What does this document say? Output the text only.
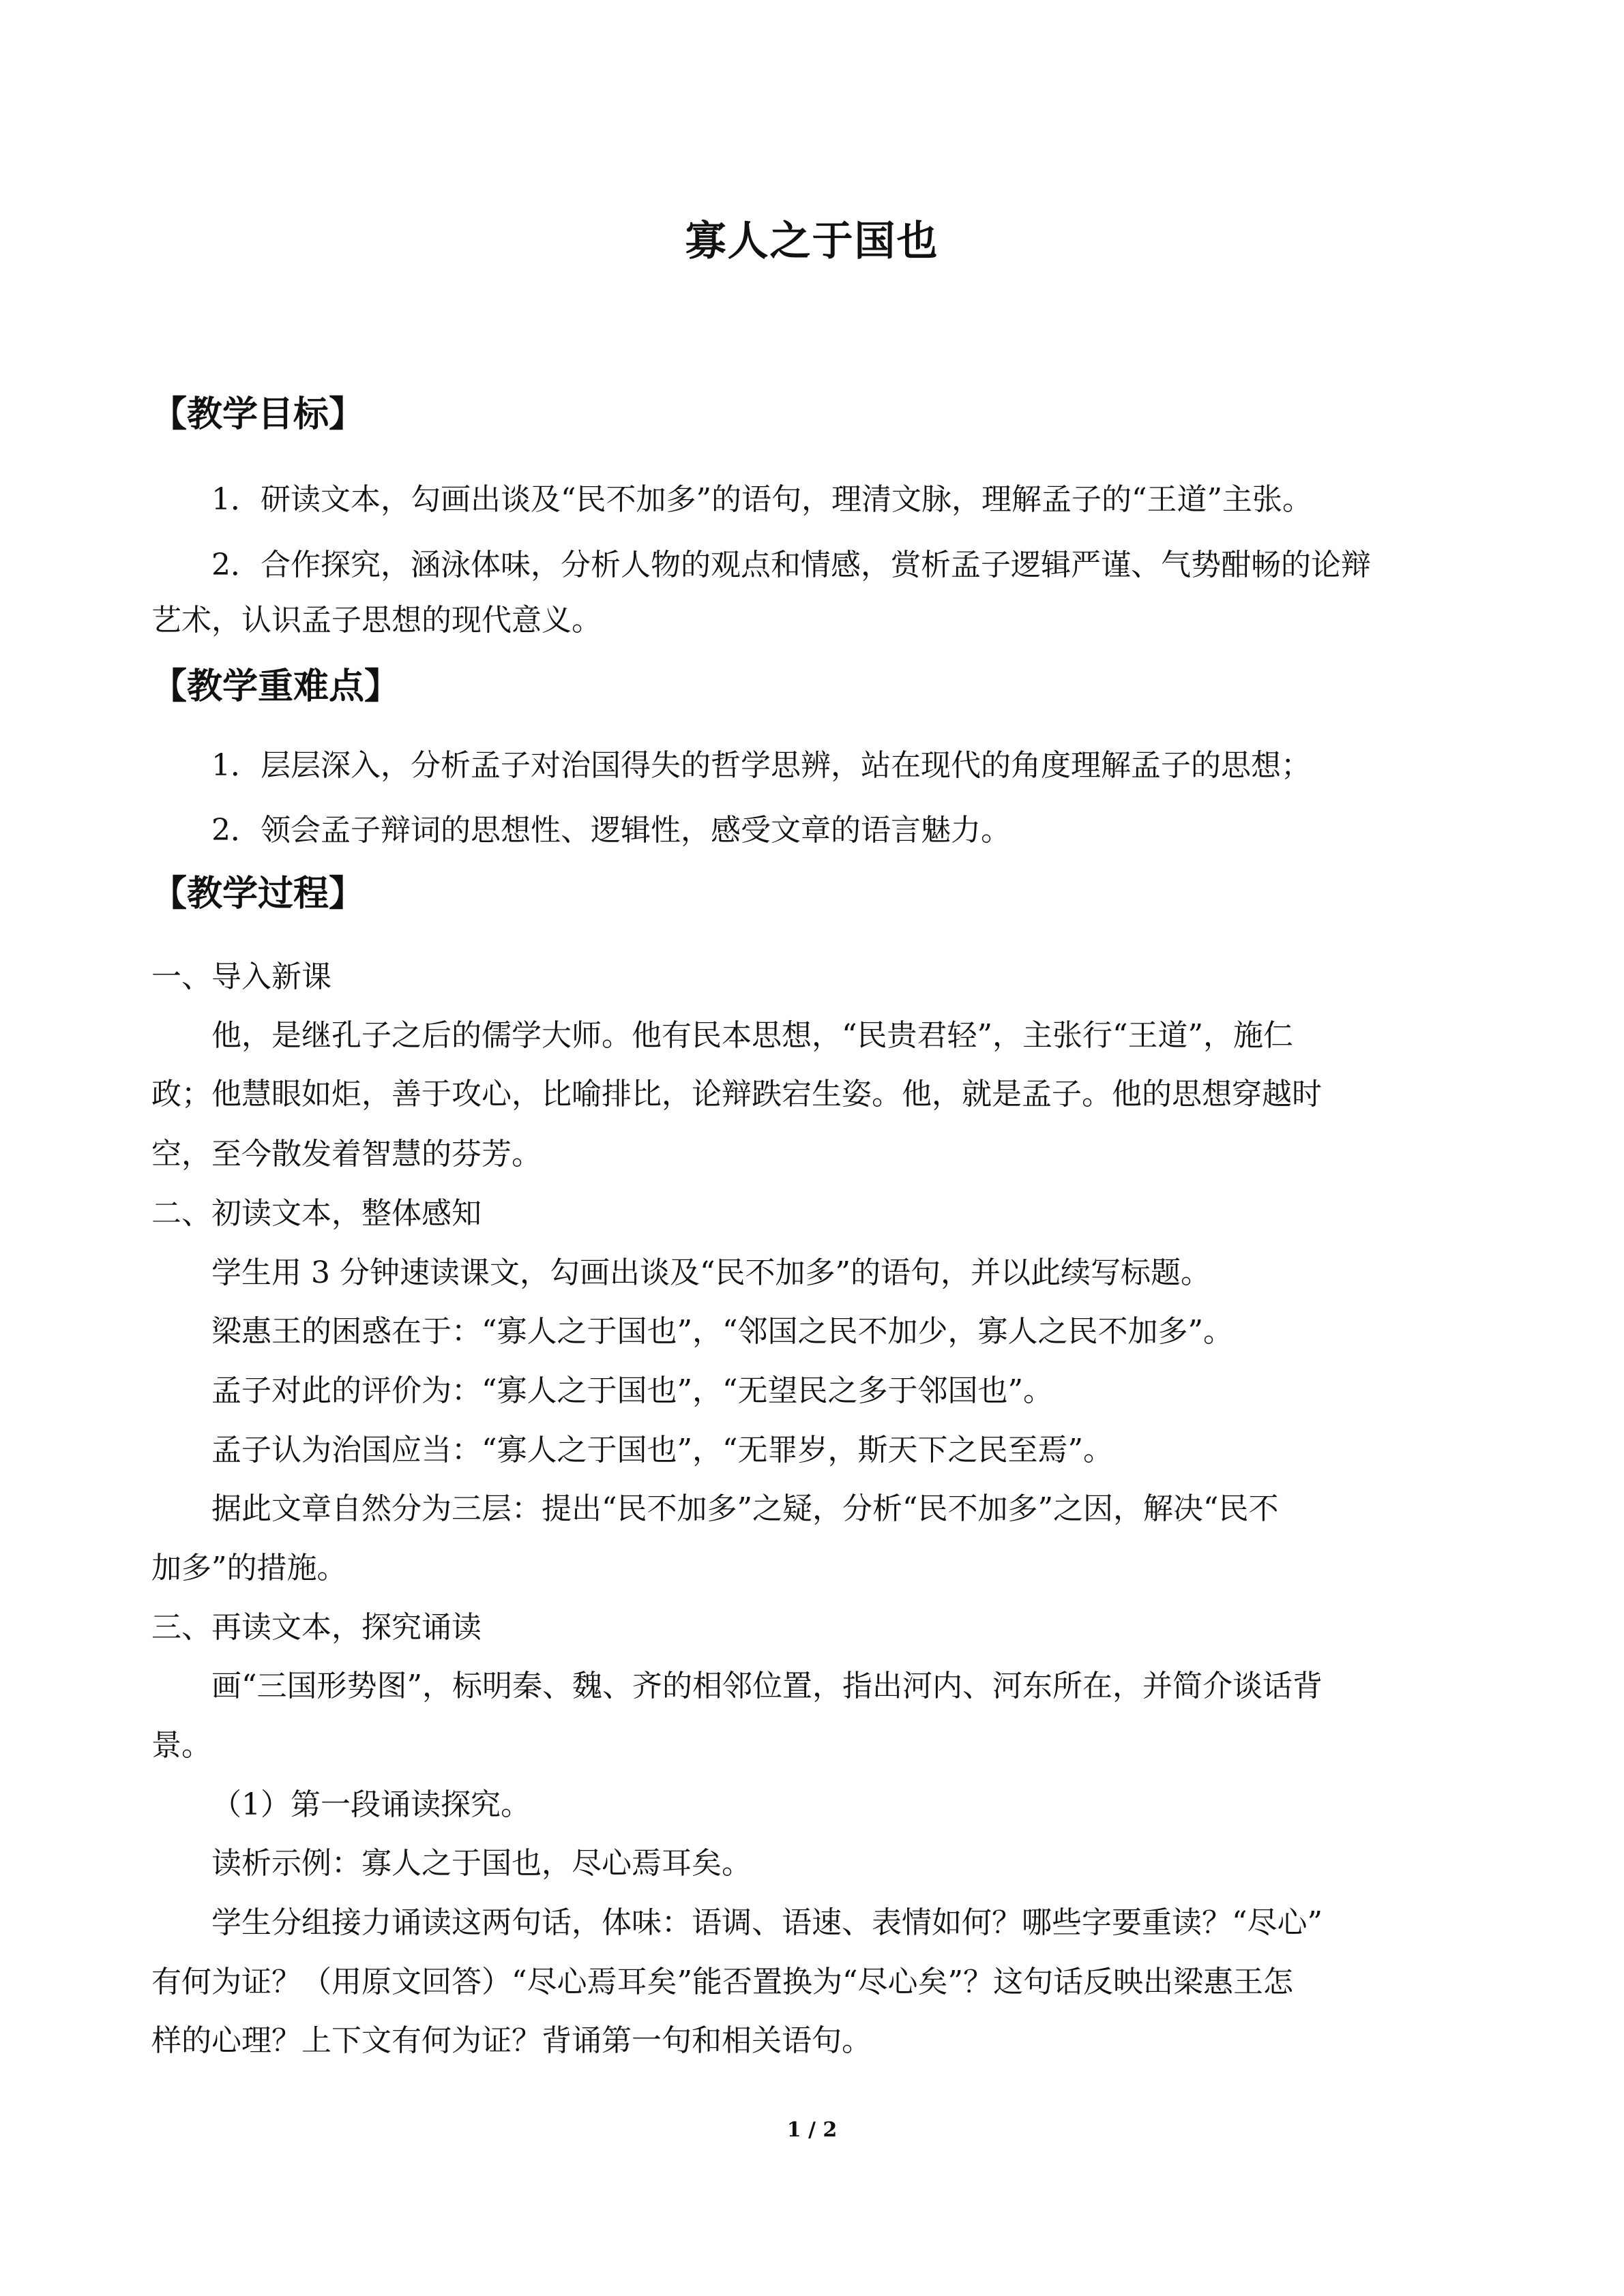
寡人之于国也
【教学目标】
1．研读文本，勾画出谈及“民不加多”的语句，理清文脉，理解孟子的“王道”主张。
2．合作探究，涵泳体味，分析人物的观点和情感，赏析孟子逻辑严谨、气势酣畅的论辩
艺术，认识孟子思想的现代意义。
【教学重难点】
1．层层深入，分析孟子对治国得失的哲学思辨，站在现代的角度理解孟子的思想；
2．领会孟子辩词的思想性、逻辑性，感受文章的语言魅力。
【教学过程】
一、导入新课
他，是继孔子之后的儒学大师。他有民本思想，“民贵君轻”，主张行“王道”，施仁
政；他慧眼如炬，善于攻心，比喻排比，论辩跌宕生姿。他，就是孟子。他的思想穿越时
空，至今散发着智慧的芬芳。
二、初读文本，整体感知
学生用 3 分钟速读课文，勾画出谈及“民不加多”的语句，并以此续写标题。
梁惠王的困惑在于：“寡人之于国也”，“邻国之民不加少，寡人之民不加多”。
孟子对此的评价为：“寡人之于国也”，“无望民之多于邻国也”。
孟子认为治国应当：“寡人之于国也”，“无罪岁，斯天下之民至焉”。
据此文章自然分为三层：提出“民不加多”之疑，分析“民不加多”之因，解决“民不
加多”的措施。
三、再读文本，探究诵读
画“三国形势图”，标明秦、魏、齐的相邻位置，指出河内、河东所在，并简介谈话背
景。
（1）第一段诵读探究。
读析示例：寡人之于国也，尽心焉耳矣。
学生分组接力诵读这两句话，体味：语调、语速、表情如何？哪些字要重读？“尽心”
有何为证？（用原文回答）“尽心焉耳矣”能否置换为“尽心矣”？这句话反映出梁惠王怎
样的心理？上下文有何为证？背诵第一句和相关语句。
1 / 2
